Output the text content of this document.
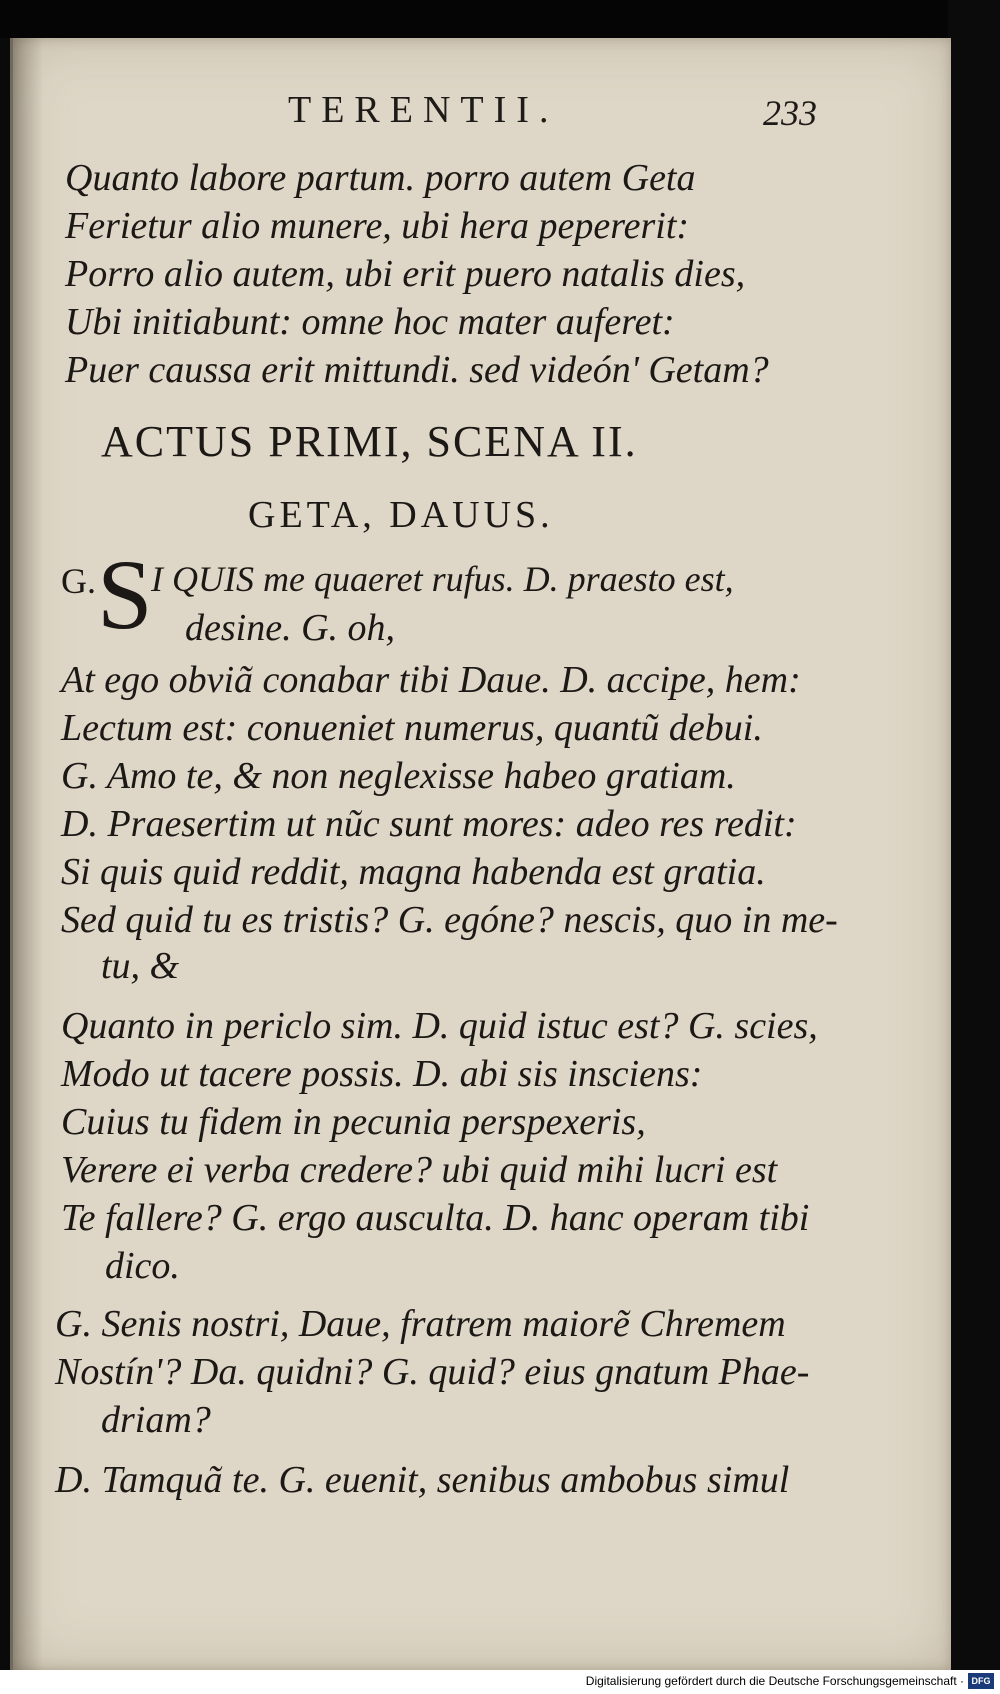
TERENTII.	233
Quanto labore partum. porro autem Geta
Ferietur alio munere, ubi hera pepererit:
Porro alio autem, ubi erit puero natalis dies,
Ubi initiabunt: omne hoc mater auferet:
Puer caussa erit mittundi. sed videón' Getam?
ACTUS PRIMI, SCENA II.
GETA, DAUUS.
G. S
I QUIS me quaeret rufus. D. praesto est,
desine. G. oh,
At ego obviã conabar tibi Daue. D. accipe, hem:
Lectum est: conueniet numerus, quantũ debui.
G. Amo te, & non neglexisse habeo gratiam.
D. Praesertim ut nũc sunt mores: adeo res redit:
Si quis quid reddit, magna habenda est gratia.
Sed quid tu es tristis? G. egóne? nescis, quo in me-
tu, &
Quanto in periclo sim. D. quid istuc est? G. scies,
Modo ut tacere possis. D. abi sis insciens:
Cuius tu fidem in pecunia perspexeris,
Verere ei verba credere? ubi quid mihi lucri est
Te fallere? G. ergo ausculta. D. hanc operam tibi
dico.
G. Senis nostri, Daue, fratrem maiorẽ Chremem
Nostín'? Da. quidni? G. quid? eius gnatum Phae-
driam?
D. Tamquã te. G. euenit, senibus ambobus simul
Digitalisierung gefördert durch die Deutsche Forschungsgemeinschaft · DFG
